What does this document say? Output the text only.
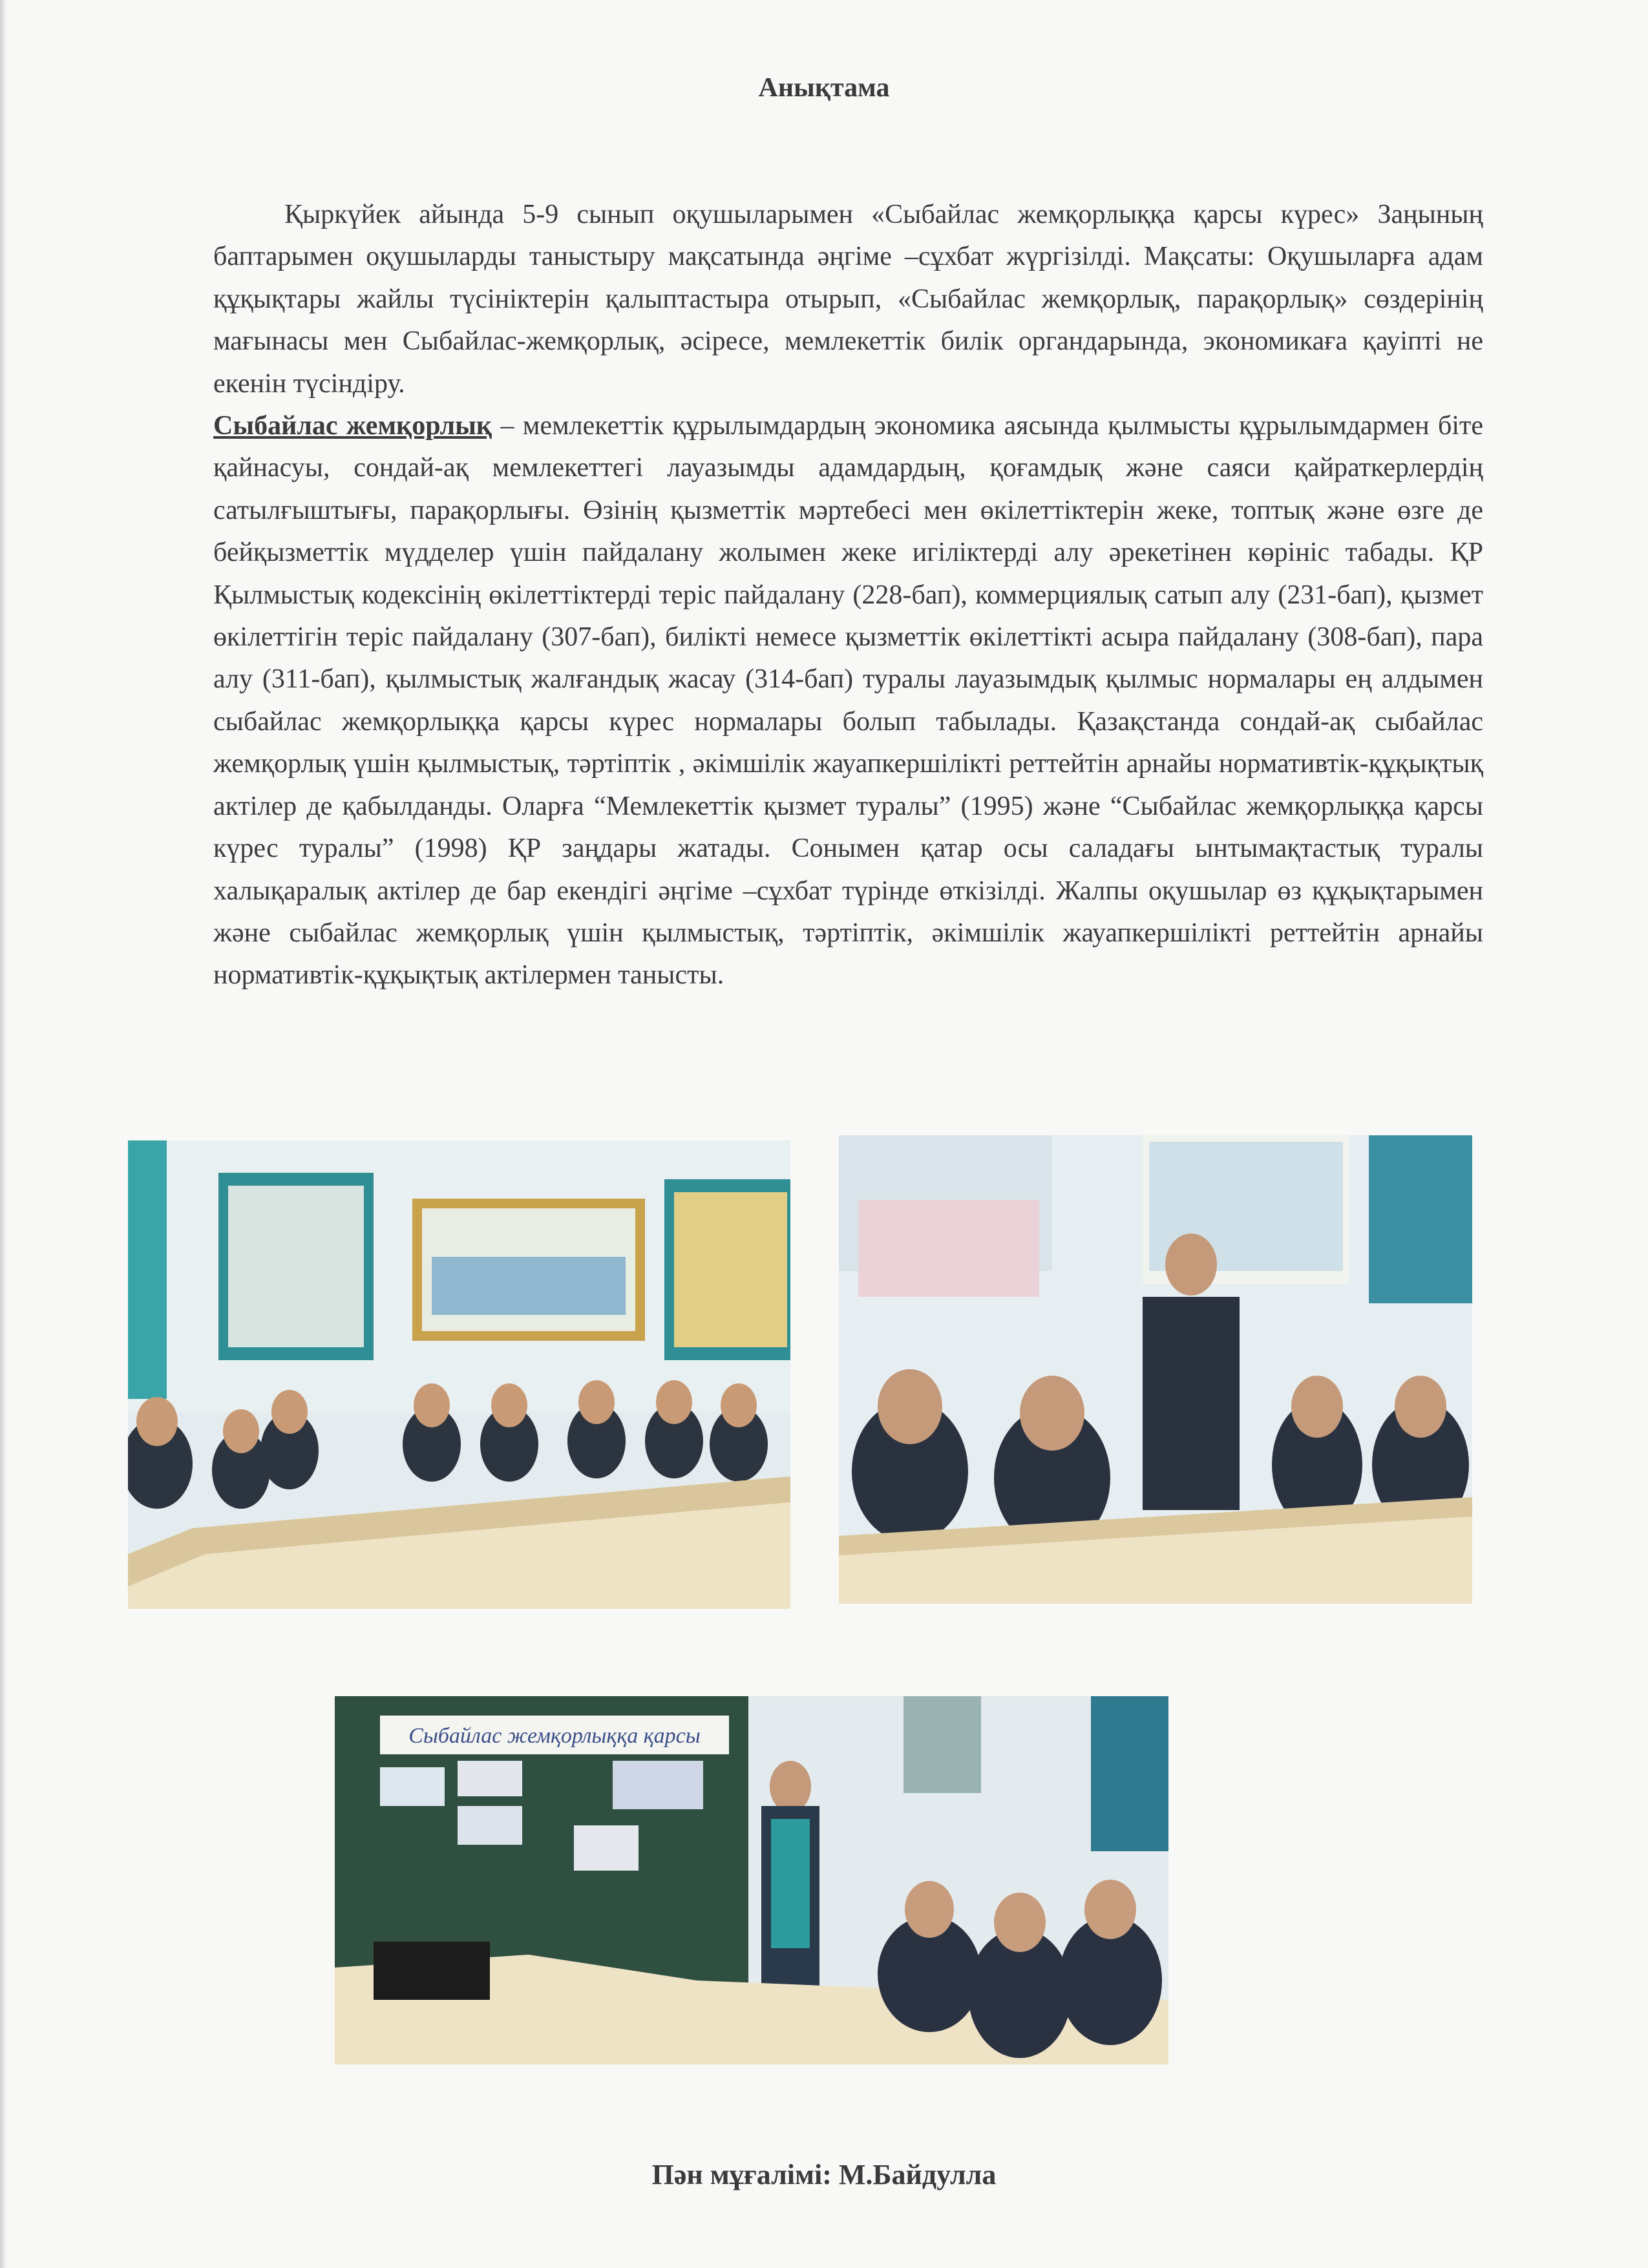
Анықтама

Қыркүйек айында 5-9 сынып оқушыларымен «Сыбайлас жемқорлыққа қарсы күрес» Заңының баптарымен оқушыларды таныстыру мақсатында әңгіме –сұхбат жүргізілді. Мақсаты: Оқушыларға адам құқықтары жайлы түсініктерін қалыптастыра отырып, «Сыбайлас жемқорлық, парақорлық» сөздерінің мағынасы мен Сыбайлас-жемқорлық, әсіресе, мемлекеттік билік органдарында, экономикаға қауіпті не екенін түсіндіру.

Сыбайлас жемқорлық – мемлекеттік құрылымдардың экономика аясында қылмысты құрылымдармен біте қайнасуы, сондай-ақ мемлекеттегі лауазымды адамдардың, қоғамдық және саяси қайраткерлердің сатылғыштығы, парақорлығы. Өзінің қызметтік мәртебесі мен өкілеттіктерін жеке, топтық және өзге де бейқызметтік мүдделер үшін пайдалану жолымен жеке игіліктерді алу әрекетінен көрініс табады. ҚР Қылмыстық кодексінің өкілеттіктерді теріс пайдалану (228-бап), коммерциялық сатып алу (231-бап), қызмет өкілеттігін теріс пайдалану (307-бап), билікті немесе қызметтік өкілеттікті асыра пайдалану (308-бап), пара алу (311-бап), қылмыстық жалғандық жасау (314-бап) туралы лауазымдық қылмыс нормалары ең алдымен сыбайлас жемқорлыққа қарсы күрес нормалары болып табылады. Қазақстанда сондай-ақ сыбайлас жемқорлық үшін қылмыстық, тәртіптік , әкімшілік жауапкершілікті реттейтін арнайы нормативтік-құқықтық актілер де қабылданды. Оларға “Мемлекеттік қызмет туралы” (1995) және “Сыбайлас жемқорлыққа қарсы күрес туралы” (1998) ҚР заңдары жатады. Сонымен қатар осы саладағы ынтымақтастық туралы халықаралық актілер де бар екендігі әңгіме –сұхбат түрінде өткізілді. Жалпы оқушылар өз құқықтарымен және сыбайлас жемқорлық үшін қылмыстық, тәртіптік, әкімшілік жауапкершілікті реттейтін арнайы нормативтік-құқықтық актілермен танысты.

Сыбайлас жемқорлыққа қарсы
Пән мұғалімі: М.Байдулла
